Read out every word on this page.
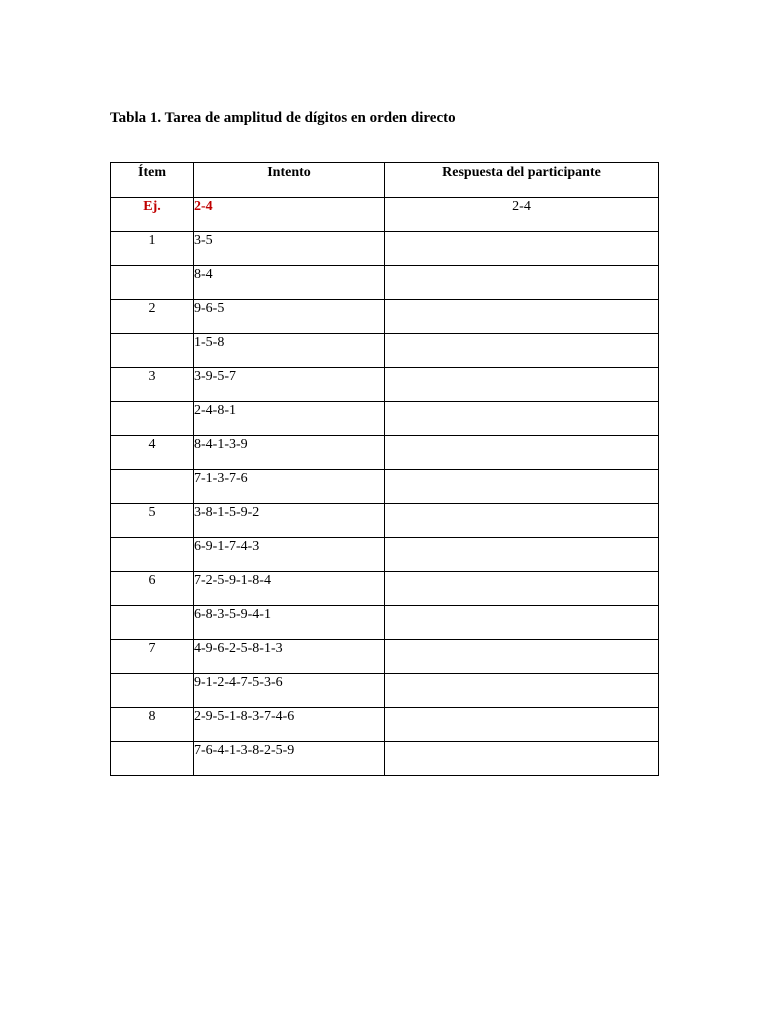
Tabla 1. Tarea de amplitud de dígitos en orden directo
Ítem	Intento	Respuesta del participante
Ej.	2-4	2-4
1	3-5	
	8-4	
2	9-6-5	
	1-5-8	
3	3-9-5-7	
	2-4-8-1	
4	8-4-1-3-9	
	7-1-3-7-6	
5	3-8-1-5-9-2	
	6-9-1-7-4-3	
6	7-2-5-9-1-8-4	
	6-8-3-5-9-4-1	
7	4-9-6-2-5-8-1-3	
	9-1-2-4-7-5-3-6	
8	2-9-5-1-8-3-7-4-6	
	7-6-4-1-3-8-2-5-9	
